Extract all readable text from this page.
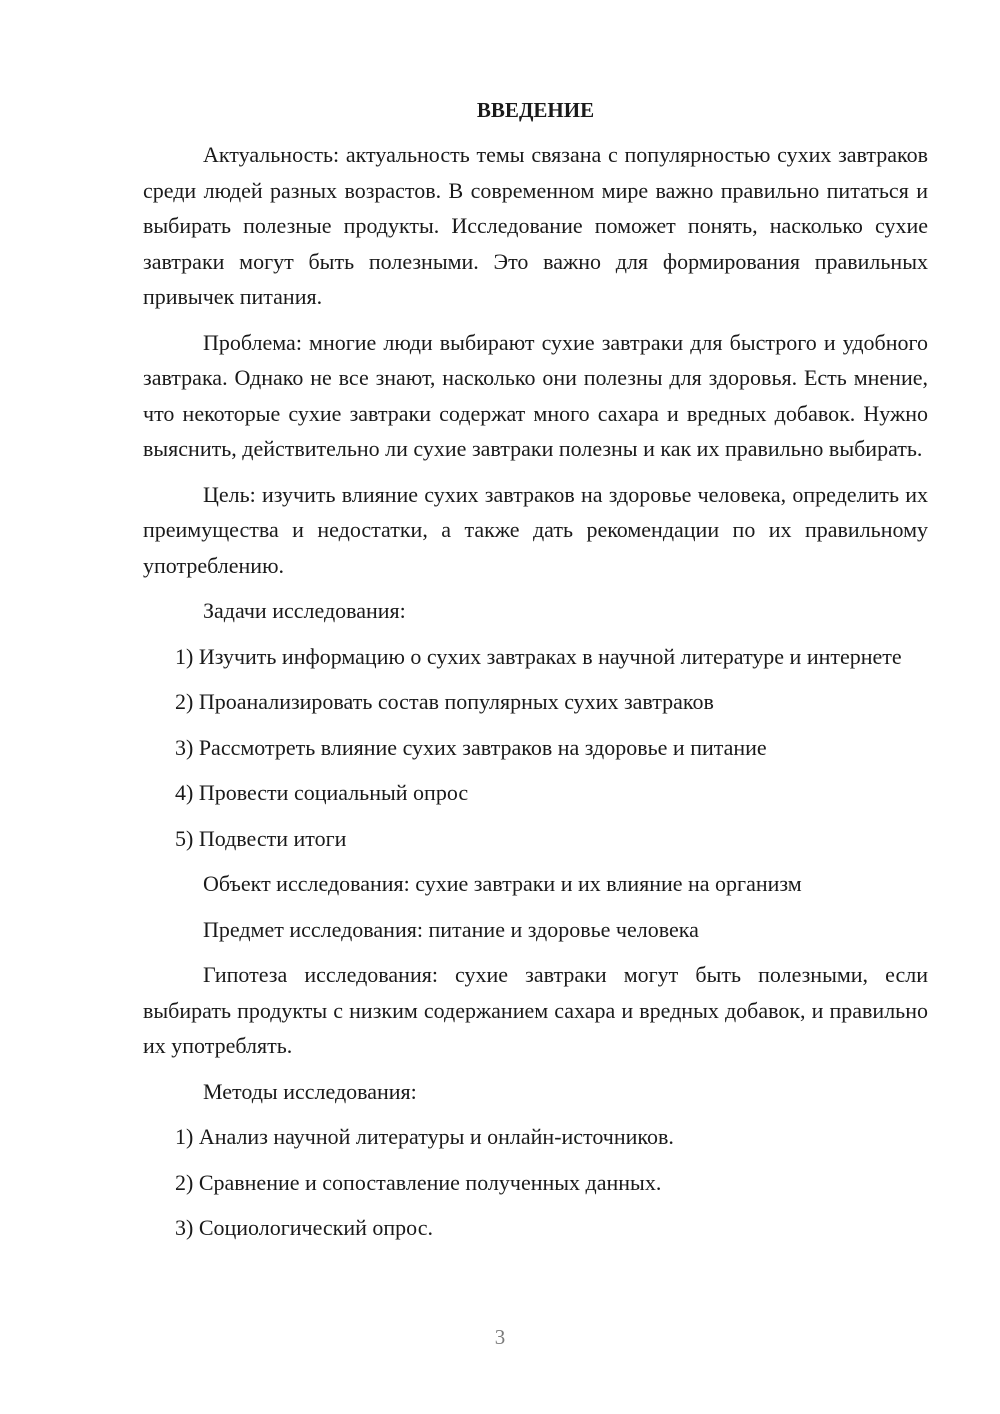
ВВЕДЕНИЕ

Актуальность: актуальность темы связана с популярностью сухих завтраков среди людей разных возрастов. В современном мире важно правильно питаться и выбирать полезные продукты. Исследование поможет понять, насколько сухие завтраки могут быть полезными. Это важно для формирования правильных привычек питания.

Проблема: многие люди выбирают сухие завтраки для быстрого и удобного завтрака. Однако не все знают, насколько они полезны для здоровья. Есть мнение, что некоторые сухие завтраки содержат много сахара и вредных добавок. Нужно выяснить, действительно ли сухие завтраки полезны и как их правильно выбирать.

Цель: изучить влияние сухих завтраков на здоровье человека, определить их преимущества и недостатки, а также дать рекомендации по их правильному употреблению.

Задачи исследования:

1) Изучить информацию о сухих завтраках в научной литературе и интернете

2) Проанализировать состав популярных сухих завтраков

3) Рассмотреть влияние сухих завтраков на здоровье и питание

4) Провести социальный опрос

5) Подвести итоги

Объект исследования: сухие завтраки и их влияние на организм

Предмет исследования: питание и здоровье человека

Гипотеза исследования: сухие завтраки могут быть полезными, если выбирать продукты с низким содержанием сахара и вредных добавок, и правильно их употреблять.

Методы исследования:

1) Анализ научной литературы и онлайн-источников.

2) Сравнение и сопоставление полученных данных.

3) Социологический опрос.

3
